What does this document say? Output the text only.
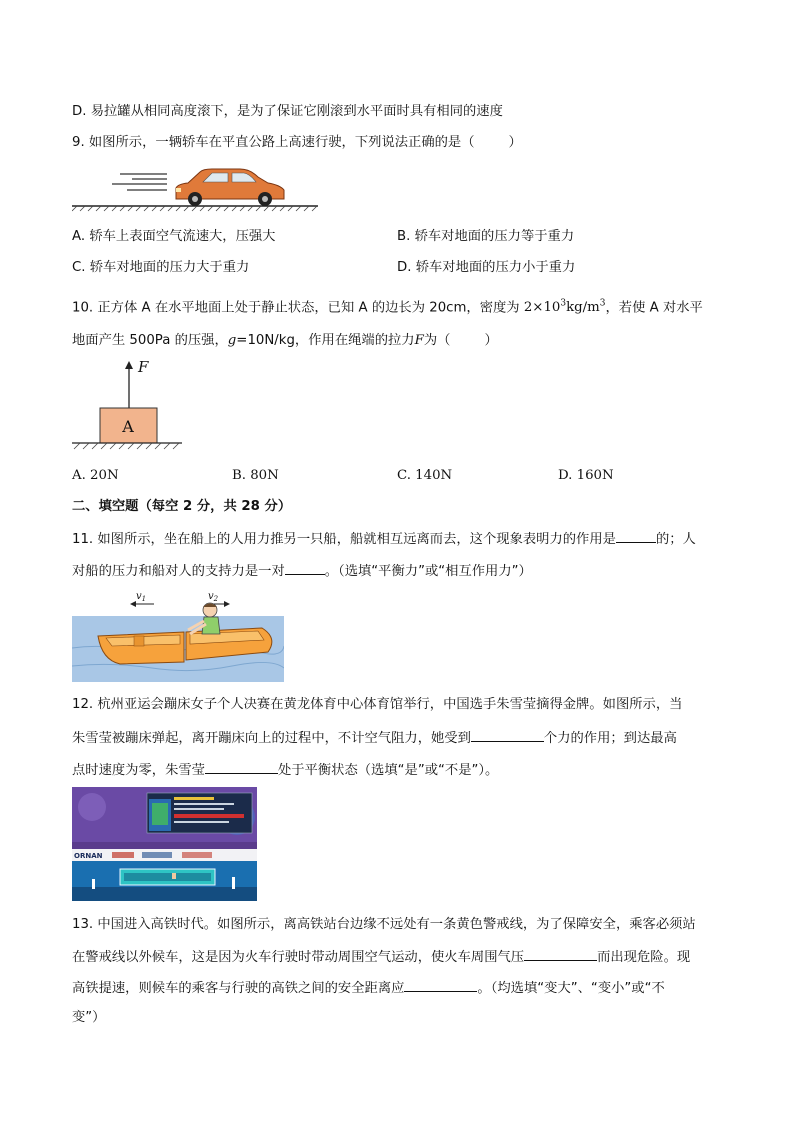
D. 易拉罐从相同高度滚下，是为了保证它刚滚到水平面时具有相同的速度
9. 如图所示，一辆轿车在平直公路上高速行驶，下列说法正确的是（	）
A. 轿车上表面空气流速大，压强大	B. 轿车对地面的压力等于重力
C. 轿车对地面的压力大于重力	D. 轿车对地面的压力小于重力
10. 正方体 A 在水平地面上处于静止状态，已知 A 的边长为 20cm，密度为 $2\times 10^3kg/m^3$，若使 A 对水平
地面产生 500Pa 的压强，g=10N/kg，作用在绳端的拉力F为（	）
F
A
A. 20N	B. 80N	C. 140N	D. 160N
二、填空题（每空 2 分，共 28 分）
11. 如图所示，坐在船上的人用力推另一只船，船就相互远离而去，这个现象表明力的作用是	的；人
对船的压力和船对人的支持力是一对	。（选填“平衡力”或“相互作用力”）
$v_1$	$v_2$
12. 杭州亚运会蹦床女子个人决赛在黄龙体育中心体育馆举行，中国选手朱雪莹摘得金牌。如图所示，当
朱雪莹被蹦床弹起，离开蹦床向上的过程中，不计空气阻力，她受到	个力的作用；到达最高
点时速度为零，朱雪莹	处于平衡状态（选填“是”或“不是”）。
ORNAN
13. 中国进入高铁时代。如图所示，离高铁站台边缘不远处有一条黄色警戒线，为了保障安全，乘客必须站
在警戒线以外候车，这是因为火车行驶时带动周围空气运动，使火车周围气压	而出现危险。现
高铁提速，则候车的乘客与行驶的高铁之间的安全距离应	。（均选填“变大”、“变小”或“不
变”）
